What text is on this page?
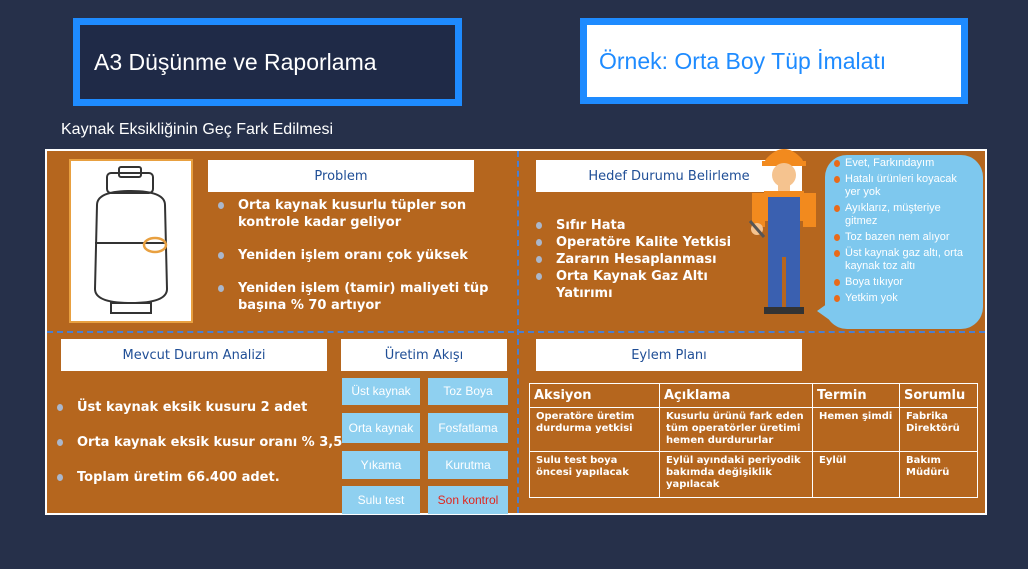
A3 Düşünme ve Raporlama	Örnek: Orta Boy Tüp İmalatı
Kaynak Eksikliğinin Geç Fark Edilmesi
Problem
Orta kaynak kusurlu tüpler son kontrole kadar geliyor
Yeniden işlem oranı çok yüksek
Yeniden işlem (tamir) maliyeti tüp başına % 70 artıyor
Hedef Durumu Belirleme
Sıfır Hata
Operatöre Kalite Yetkisi
Zararın Hesaplanması
Orta Kaynak Gaz Altı Yatırımı
Evet, Farkındayım
Hatalı ürünleri koyacak yer yok
Ayıklarız, müşteriye gitmez
Toz bazen nem alıyor
Üst kaynak gaz altı, orta kaynak toz altı
Boya tıkıyor
Yetkim yok
Mevcut Durum Analizi
Üst kaynak eksik kusuru 2 adet
Orta kaynak eksik kusur oranı % 3,5
Toplam üretim 66.400 adet.
Üretim Akışı
Üst kaynak	Toz Boya
Orta kaynak	Fosfatlama
Yıkama	Kurutma
Sulu test	Son kontrol
Eylem Planı
Aksiyon	Açıklama	Termin	Sorumlu
Operatöre üretim durdurma yetkisi	Kusurlu ürünü fark eden tüm operatörler üretimi hemen durdururlar	Hemen şimdi	Fabrika Direktörü
Sulu test boya öncesi yapılacak	Eylül ayındaki periyodik bakımda değişiklik yapılacak	Eylül	Bakım Müdürü
